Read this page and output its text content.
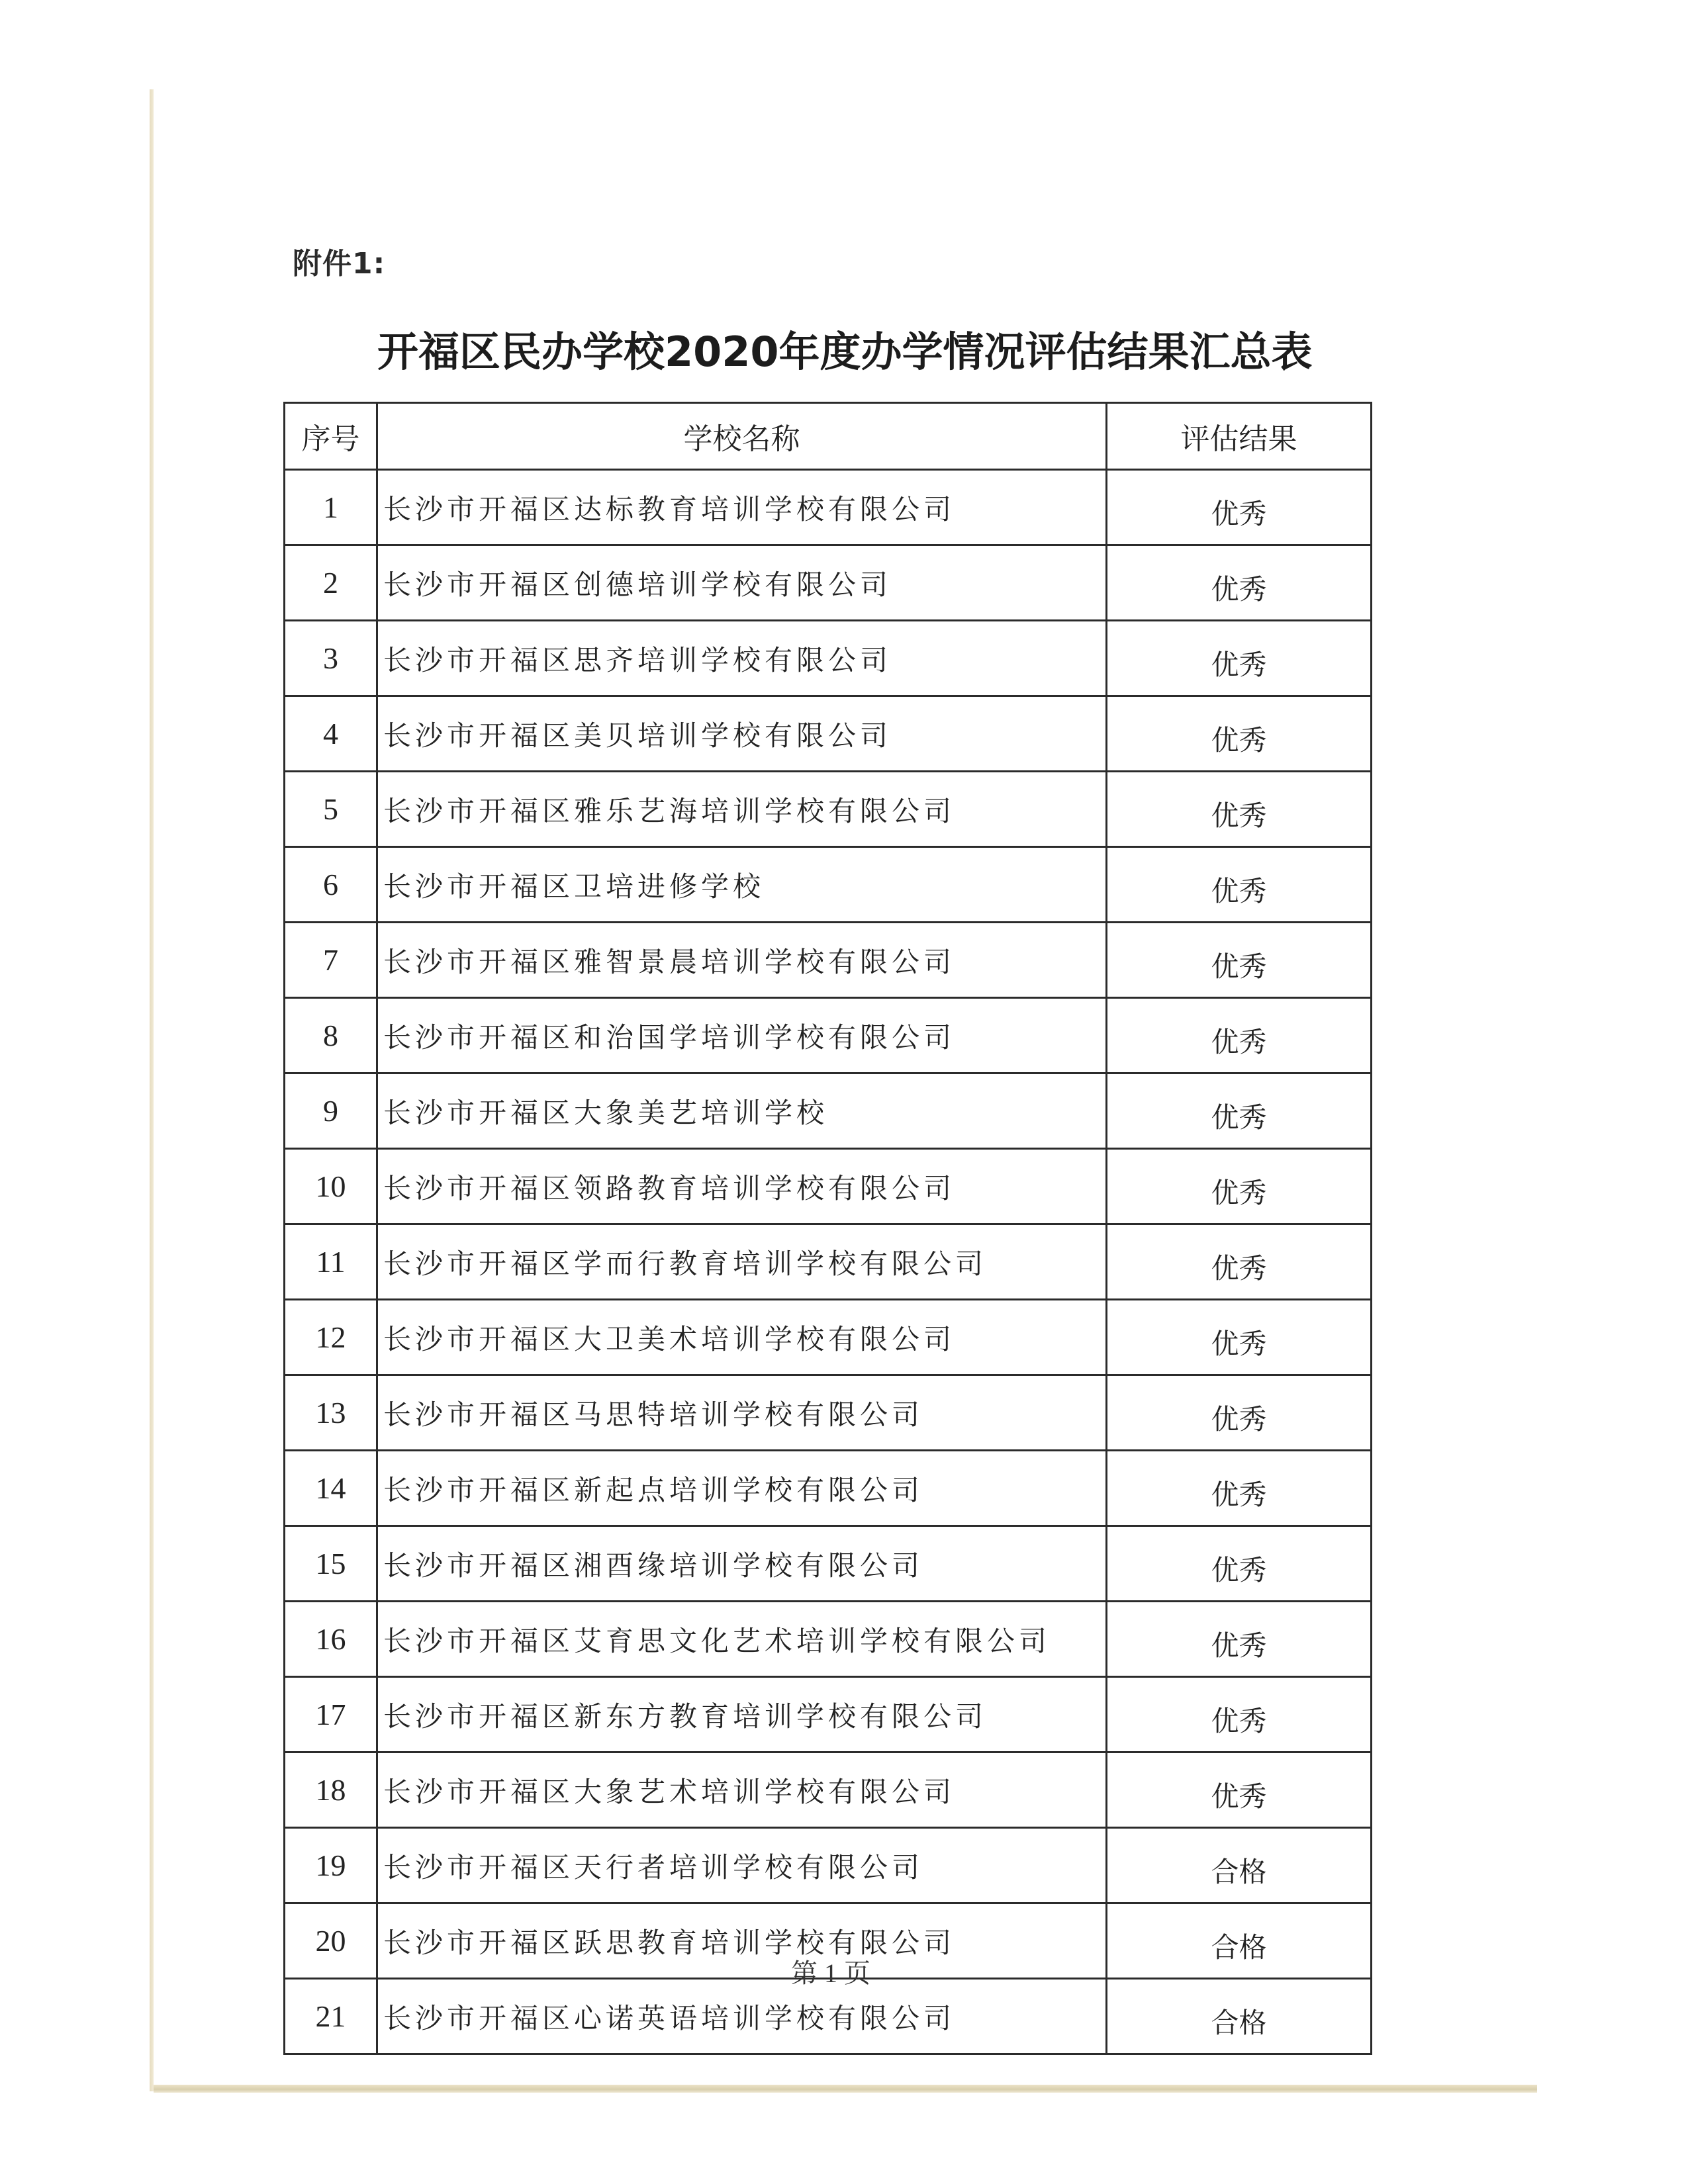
附件1:
开福区民办学校2020年度办学情况评估结果汇总表
序号	学校名称	评估结果
1	长沙市开福区达标教育培训学校有限公司	优秀
2	长沙市开福区创德培训学校有限公司	优秀
3	长沙市开福区思齐培训学校有限公司	优秀
4	长沙市开福区美贝培训学校有限公司	优秀
5	长沙市开福区雅乐艺海培训学校有限公司	优秀
6	长沙市开福区卫培进修学校	优秀
7	长沙市开福区雅智景晨培训学校有限公司	优秀
8	长沙市开福区和治国学培训学校有限公司	优秀
9	长沙市开福区大象美艺培训学校	优秀
10	长沙市开福区领路教育培训学校有限公司	优秀
11	长沙市开福区学而行教育培训学校有限公司	优秀
12	长沙市开福区大卫美术培训学校有限公司	优秀
13	长沙市开福区马思特培训学校有限公司	优秀
14	长沙市开福区新起点培训学校有限公司	优秀
15	长沙市开福区湘酉缘培训学校有限公司	优秀
16	长沙市开福区艾育思文化艺术培训学校有限公司	优秀
17	长沙市开福区新东方教育培训学校有限公司	优秀
18	长沙市开福区大象艺术培训学校有限公司	优秀
19	长沙市开福区天行者培训学校有限公司	合格
20	长沙市开福区跃思教育培训学校有限公司	合格
21	长沙市开福区心诺英语培训学校有限公司	合格
第 1 页
